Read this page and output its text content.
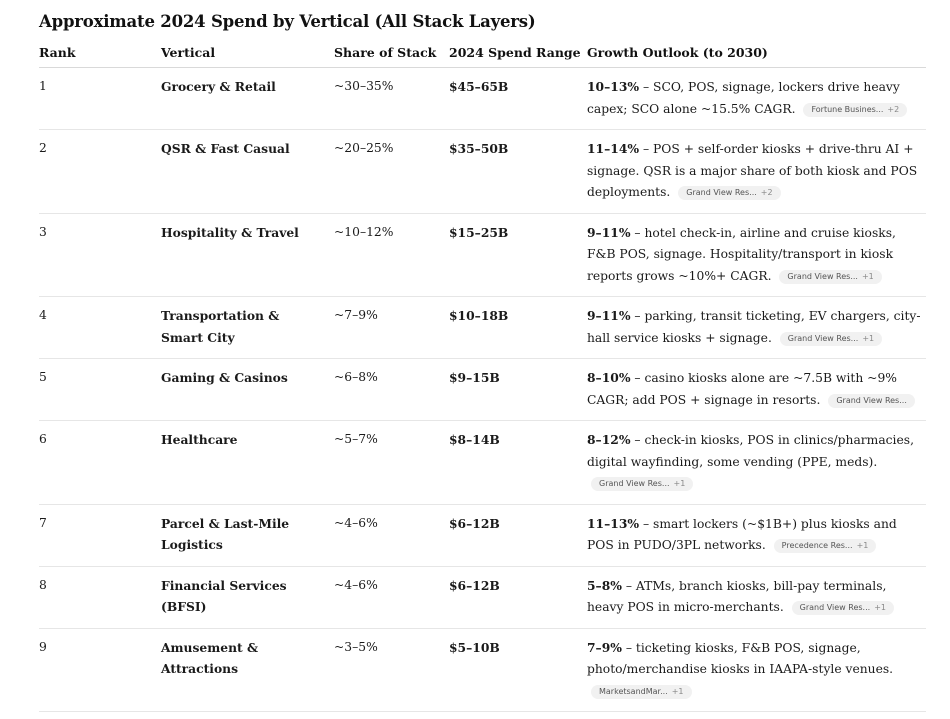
Approximate 2024 Spend by Vertical (All Stack Layers)
Rank	Vertical	Share of Stack	2024 Spend Range	Growth Outlook (to 2030)
1	Grocery & Retail	~30–35%	$45–65B	10–13% – SCO, POS, signage, lockers drive heavy capex; SCO alone ~15.5% CAGR. Fortune Busines... +2
2	QSR & Fast Casual	~20–25%	$35–50B	11–14% – POS + self-order kiosks + drive-thru AI + signage. QSR is a major share of both kiosk and POS deployments. Grand View Res... +2
3	Hospitality & Travel	~10–12%	$15–25B	9–11% – hotel check-in, airline and cruise kiosks, F&B POS, signage. Hospitality/transport in kiosk reports grows ~10%+ CAGR. Grand View Res... +1
4	Transportation & Smart City	~7–9%	$10–18B	9–11% – parking, transit ticketing, EV chargers, city-hall service kiosks + signage. Grand View Res... +1
5	Gaming & Casinos	~6–8%	$9–15B	8–10% – casino kiosks alone are ~7.5B with ~9% CAGR; add POS + signage in resorts. Grand View Res...
6	Healthcare	~5–7%	$8–14B	8–12% – check-in kiosks, POS in clinics/pharmacies, digital wayfinding, some vending (PPE, meds). Grand View Res... +1
7	Parcel & Last-Mile Logistics	~4–6%	$6–12B	11–13% – smart lockers (~$1B+) plus kiosks and POS in PUDO/3PL networks. Precedence Res... +1
8	Financial Services (BFSI)	~4–6%	$6–12B	5–8% – ATMs, branch kiosks, bill-pay terminals, heavy POS in micro-merchants. Grand View Res... +1
9	Amusement & Attractions	~3–5%	$5–10B	7–9% – ticketing kiosks, F&B POS, signage, photo/merchandise kiosks in IAAPA-style venues. MarketsandMar... +1
